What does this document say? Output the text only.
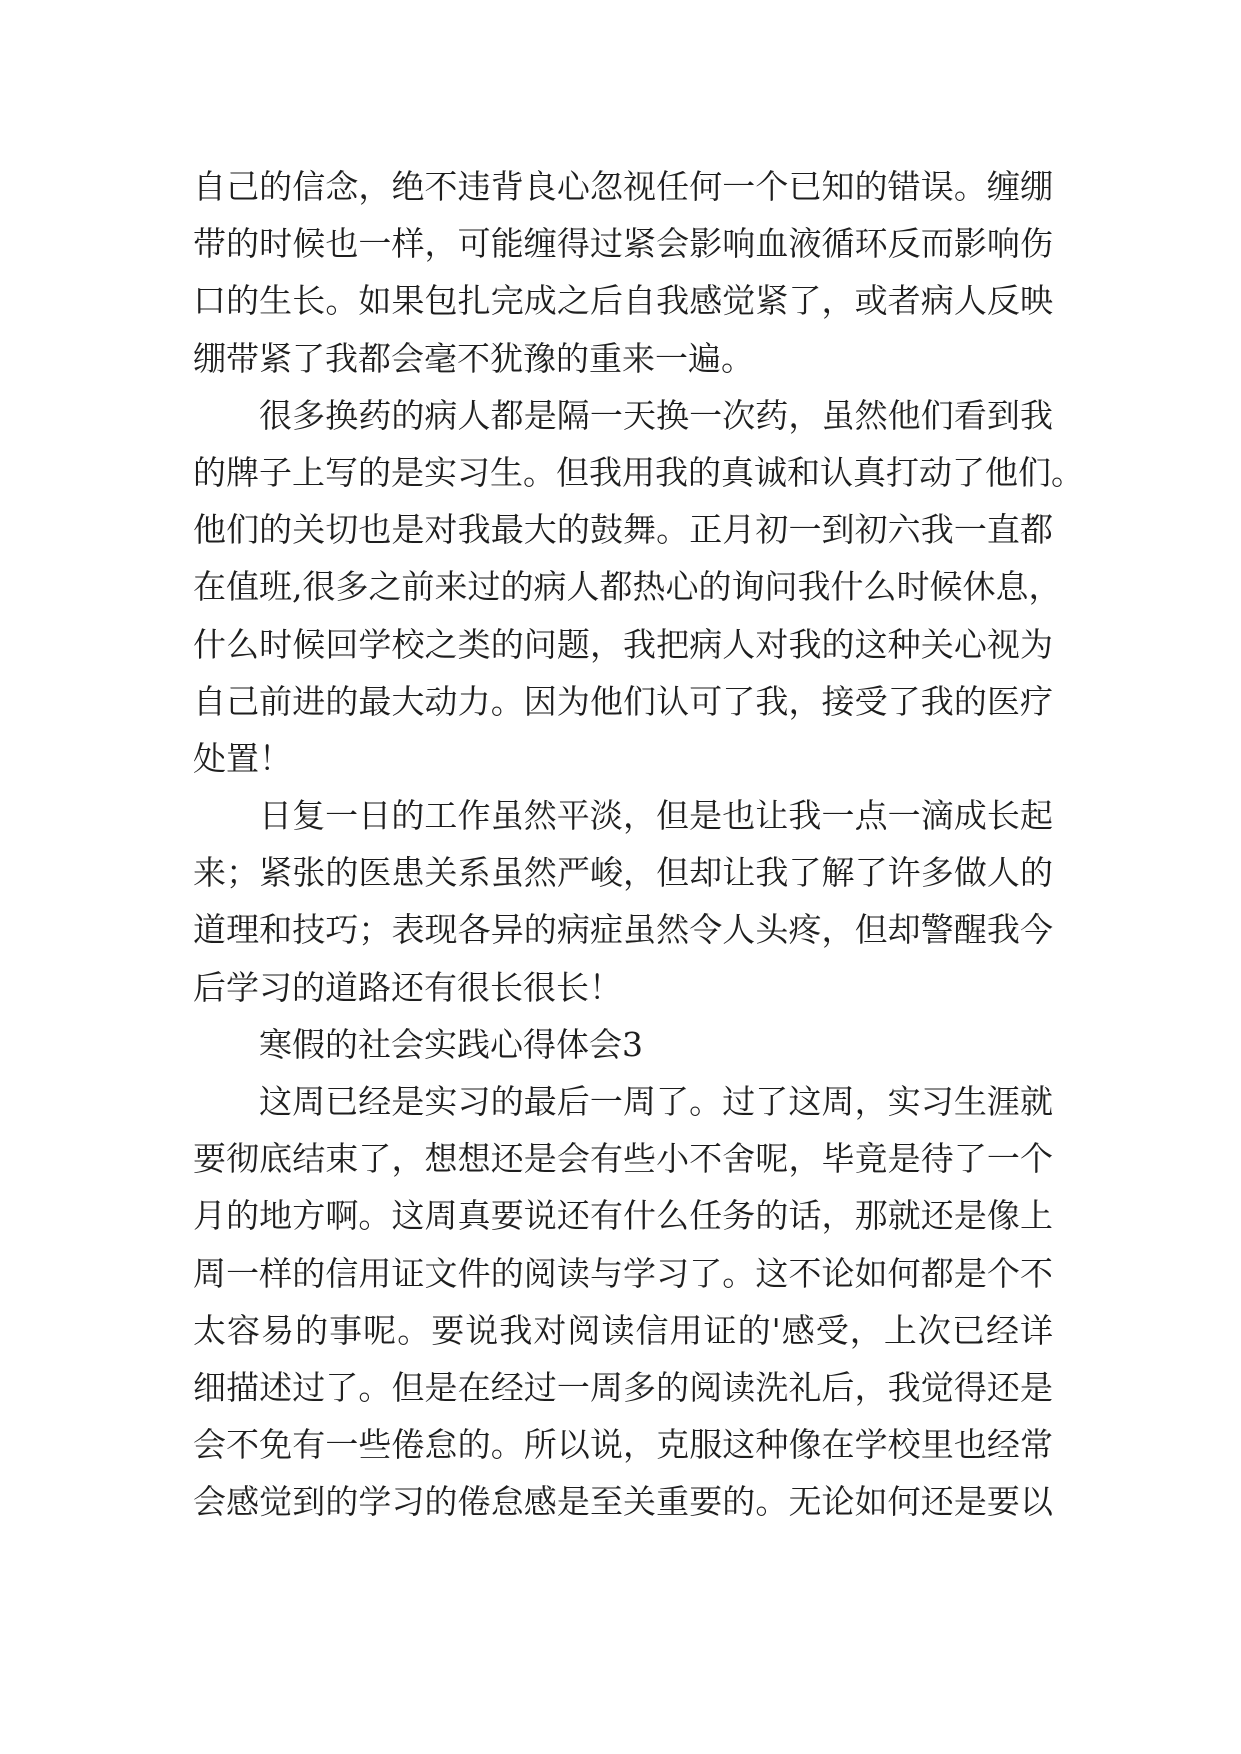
自己的信念，绝不违背良心忽视任何一个已知的错误。缠绷
带的时候也一样，可能缠得过紧会影响血液循环反而影响伤
口的生长。如果包扎完成之后自我感觉紧了，或者病人反映
绷带紧了我都会毫不犹豫的重来一遍。
很多换药的病人都是隔一天换一次药，虽然他们看到我
的牌子上写的是实习生。但我用我的真诚和认真打动了他们。
他们的关切也是对我最大的鼓舞。正月初一到初六我一直都
在值班,很多之前来过的病人都热心的询问我什么时候休息，
什么时候回学校之类的问题，我把病人对我的这种关心视为
自己前进的最大动力。因为他们认可了我，接受了我的医疗
处置！
日复一日的工作虽然平淡，但是也让我一点一滴成长起
来；紧张的医患关系虽然严峻，但却让我了解了许多做人的
道理和技巧；表现各异的病症虽然令人头疼，但却警醒我今
后学习的道路还有很长很长！
寒假的社会实践心得体会3
这周已经是实习的最后一周了。过了这周，实习生涯就
要彻底结束了，想想还是会有些小不舍呢，毕竟是待了一个
月的地方啊。这周真要说还有什么任务的话，那就还是像上
周一样的信用证文件的阅读与学习了。这不论如何都是个不
太容易的事呢。要说我对阅读信用证的'感受，上次已经详
细描述过了。但是在经过一周多的阅读洗礼后，我觉得还是
会不免有一些倦怠的。所以说，克服这种像在学校里也经常
会感觉到的学习的倦怠感是至关重要的。无论如何还是要以
